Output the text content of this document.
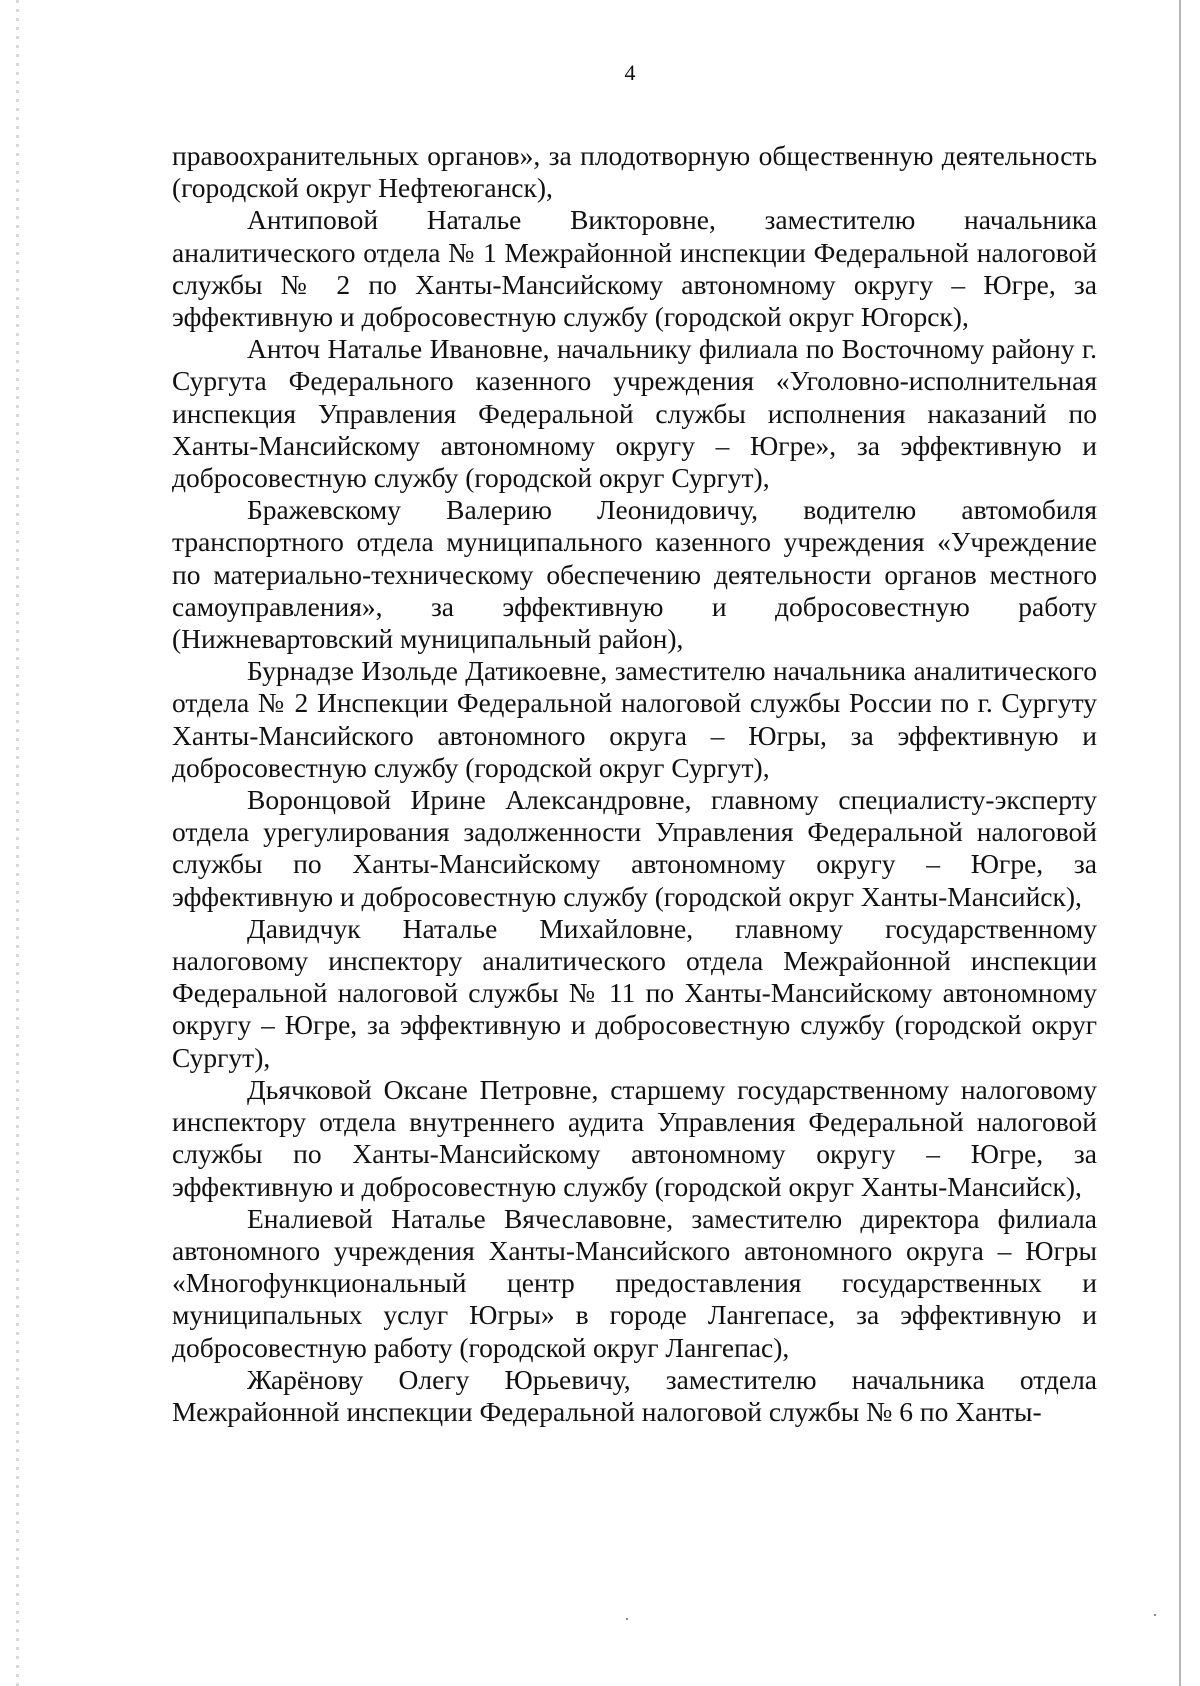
4

правоохранительных органов», за плодотворную общественную деятельность (городской округ Нефтеюганск),

Антиповой Наталье Викторовне, заместителю начальника аналитического отдела № 1 Межрайонной инспекции Федеральной налоговой службы № 2 по Ханты-Мансийскому автономному округу – Югре, за эффективную и добросовестную службу (городской округ Югорск),

Анточ Наталье Ивановне, начальнику филиала по Восточному району г. Сургута Федерального казенного учреждения «Уголовно-исполнительная инспекция Управления Федеральной службы исполнения наказаний по Ханты-Мансийскому автономному округу – Югре», за эффективную и добросовестную службу (городской округ Сургут),

Бражевскому Валерию Леонидовичу, водителю автомобиля транспортного отдела муниципального казенного учреждения «Учреждение по материально-техническому обеспечению деятельности органов местного самоуправления», за эффективную и добросовестную работу (Нижневартовский муниципальный район),

Бурнадзе Изольде Датикоевне, заместителю начальника аналитического отдела № 2 Инспекции Федеральной налоговой службы России по г. Сургуту Ханты-Мансийского автономного округа – Югры, за эффективную и добросовестную службу (городской округ Сургут),

Воронцовой Ирине Александровне, главному специалисту-эксперту отдела урегулирования задолженности Управления Федеральной налоговой службы по Ханты-Мансийскому автономному округу – Югре, за эффективную и добросовестную службу (городской округ Ханты-Мансийск),

Давидчук Наталье Михайловне, главному государственному налоговому инспектору аналитического отдела Межрайонной инспекции Федеральной налоговой службы № 11 по Ханты-Мансийскому автономному округу – Югре, за эффективную и добросовестную службу (городской округ Сургут),

Дьячковой Оксане Петровне, старшему государственному налоговому инспектору отдела внутреннего аудита Управления Федеральной налоговой службы по Ханты-Мансийскому автономному округу – Югре, за эффективную и добросовестную службу (городской округ Ханты-Мансийск),

Еналиевой Наталье Вячеславовне, заместителю директора филиала автономного учреждения Ханты-Мансийского автономного округа – Югры «Многофункциональный центр предоставления государственных и муниципальных услуг Югры» в городе Лангепасе, за эффективную и добросовестную работу (городской округ Лангепас),

Жарёнову Олегу Юрьевичу, заместителю начальника отдела Межрайонной инспекции Федеральной налоговой службы № 6 по Ханты-
